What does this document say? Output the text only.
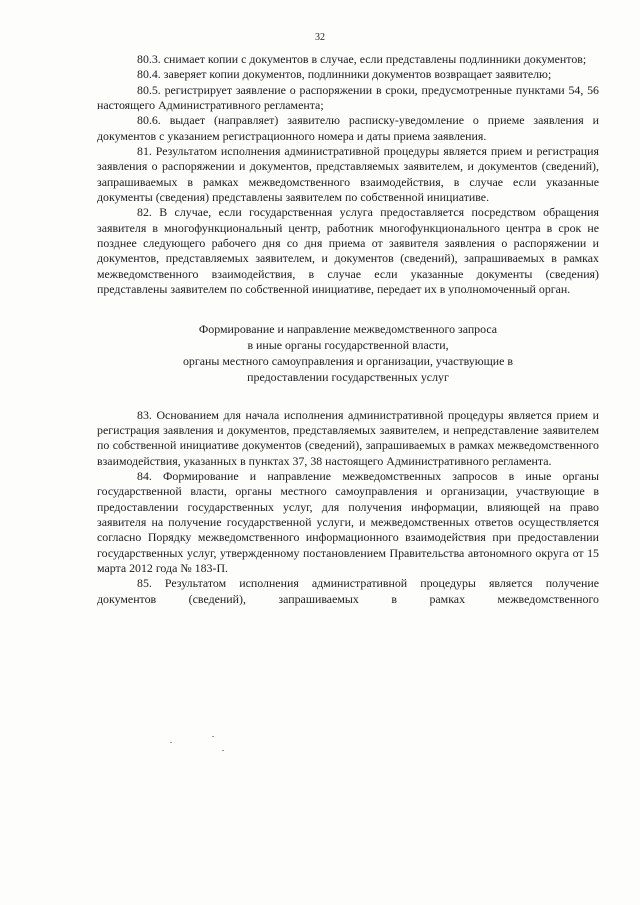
32

80.3. снимает копии с документов в случае, если представлены подлинники документов;

80.4. заверяет копии документов, подлинники документов возвращает заявителю;

80.5. регистрирует заявление о распоряжении в сроки, предусмотренные пунктами 54, 56 настоящего Административного регламента;

80.6. выдает (направляет) заявителю расписку-уведомление о приеме заявления и документов с указанием регистрационного номера и даты приема заявления.

81. Результатом исполнения административной процедуры является прием и регистрация заявления о распоряжении и документов, представляемых заявителем, и документов (сведений), запрашиваемых в рамках межведомственного взаимодействия, в случае если указанные документы (сведения) представлены заявителем по собственной инициативе.

82. В случае, если государственная услуга предоставляется посредством обращения заявителя в многофункциональный центр, работник многофункционального центра в срок не позднее следующего рабочего дня со дня приема от заявителя заявления о распоряжении и документов, представляемых заявителем, и документов (сведений), запрашиваемых в рамках межведомственного взаимодействия, в случае если указанные документы (сведения) представлены заявителем по собственной инициативе, передает их в уполномоченный орган.

Формирование и направление межведомственного запроса
в иные органы государственной власти,
органы местного самоуправления и организации, участвующие в
предоставлении государственных услуг

83. Основанием для начала исполнения административной процедуры является прием и регистрация заявления и документов, представляемых заявителем, и непредставление заявителем по собственной инициативе документов (сведений), запрашиваемых в рамках межведомственного взаимодействия, указанных в пунктах 37, 38 настоящего Административного регламента.

84. Формирование и направление межведомственных запросов в иные органы государственной власти, органы местного самоуправления и организации, участвующие в предоставлении государственных услуг, для получения информации, влияющей на право заявителя на получение государственной услуги, и межведомственных ответов осуществляется согласно Порядку межведомственного информационного взаимодействия при предоставлении государственных услуг, утвержденному постановлением Правительства автономного округа от 15 марта 2012 года № 183-П.

85. Результатом исполнения административной процедуры является получение документов (сведений), запрашиваемых в рамках межведомственного
